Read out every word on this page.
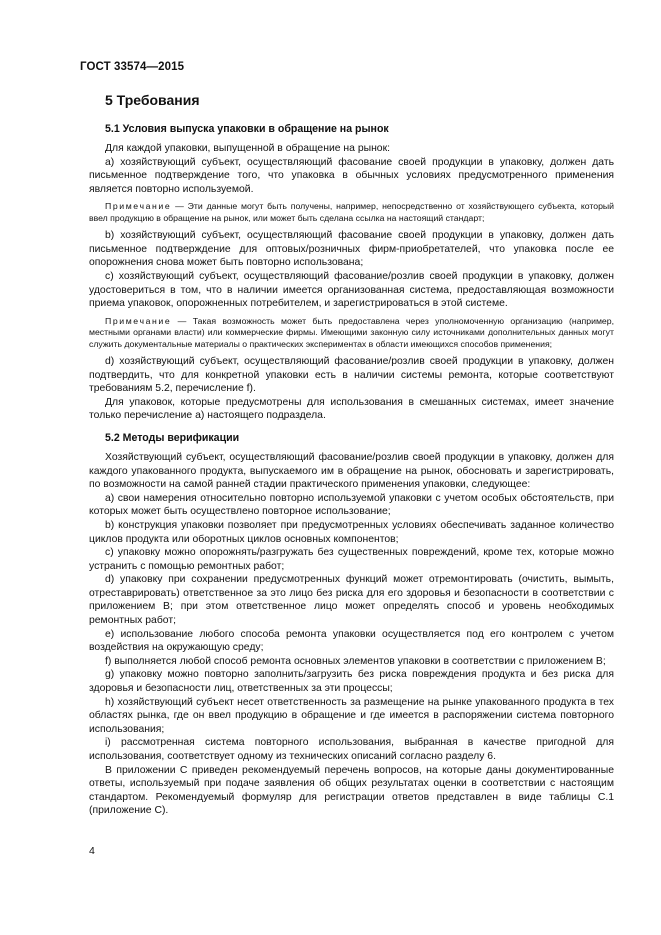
ГОСТ 33574—2015
5 Требования
5.1 Условия выпуска упаковки в обращение на рынок

Для каждой упаковки, выпущенной в обращение на рынок:

а) хозяйствующий субъект, осуществляющий фасование своей продукции в упаковку, должен дать письменное подтверждение того, что упаковка в обычных условиях предусмотренного применения является повторно используемой.

Примечание — Эти данные могут быть получены, например, непосредственно от хозяйствующего субъекта, который ввел продукцию в обращение на рынок, или может быть сделана ссылка на настоящий стандарт;

b) хозяйствующий субъект, осуществляющий фасование своей продукции в упаковку, должен дать письменное подтверждение для оптовых/розничных фирм-приобретателей, что упаковка после ее опорожнения снова может быть повторно использована;

c) хозяйствующий субъект, осуществляющий фасование/розлив своей продукции в упаковку, должен удостовериться в том, что в наличии имеется организованная система, предоставляющая возможности приема упаковок, опорожненных потребителем, и зарегистрироваться в этой системе.

Примечание — Такая возможность может быть предоставлена через уполномоченную организацию (например, местными органами власти) или коммерческие фирмы. Имеющими законную силу источниками дополнительных данных могут служить документальные материалы о практических экспериментах в области имеющихся способов применения;

d) хозяйствующий субъект, осуществляющий фасование/розлив своей продукции в упаковку, должен подтвердить, что для конкретной упаковки есть в наличии системы ремонта, которые соответствуют требованиям 5.2, перечисление f).

Для упаковок, которые предусмотрены для использования в смешанных системах, имеет значение только перечисление а) настоящего подраздела.

5.2 Методы верификации

Хозяйствующий субъект, осуществляющий фасование/розлив своей продукции в упаковку, должен для каждого упакованного продукта, выпускаемого им в обращение на рынок, обосновать и зарегистрировать, по возможности на самой ранней стадии практического применения упаковки, следующее:

а) свои намерения относительно повторно используемой упаковки с учетом особых обстоятельств, при которых может быть осуществлено повторное использование;

b) конструкция упаковки позволяет при предусмотренных условиях обеспечивать заданное количество циклов продукта или оборотных циклов основных компонентов;

c) упаковку можно опорожнять/разгружать без существенных повреждений, кроме тех, которые можно устранить с помощью ремонтных работ;

d) упаковку при сохранении предусмотренных функций может отремонтировать (очистить, вымыть, отреставрировать) ответственное за это лицо без риска для его здоровья и безопасности в соответствии с приложением В; при этом ответственное лицо может определять способ и уровень необходимых ремонтных работ;

e) использование любого способа ремонта упаковки осуществляется под его контролем с учетом воздействия на окружающую среду;

f) выполняется любой способ ремонта основных элементов упаковки в соответствии с приложением В;

g) упаковку можно повторно заполнить/загрузить без риска повреждения продукта и без риска для здоровья и безопасности лиц, ответственных за эти процессы;

h) хозяйствующий субъект несет ответственность за размещение на рынке упакованного продукта в тех областях рынка, где он ввел продукцию в обращение и где имеется в распоряжении система повторного использования;

i) рассмотренная система повторного использования, выбранная в качестве пригодной для использования, соответствует одному из технических описаний согласно разделу 6.

В приложении С приведен рекомендуемый перечень вопросов, на которые даны документированные ответы, используемый при подаче заявления об общих результатах оценки в соответствии с настоящим стандартом. Рекомендуемый формуляр для регистрации ответов представлен в виде таблицы С.1 (приложение С).

4
